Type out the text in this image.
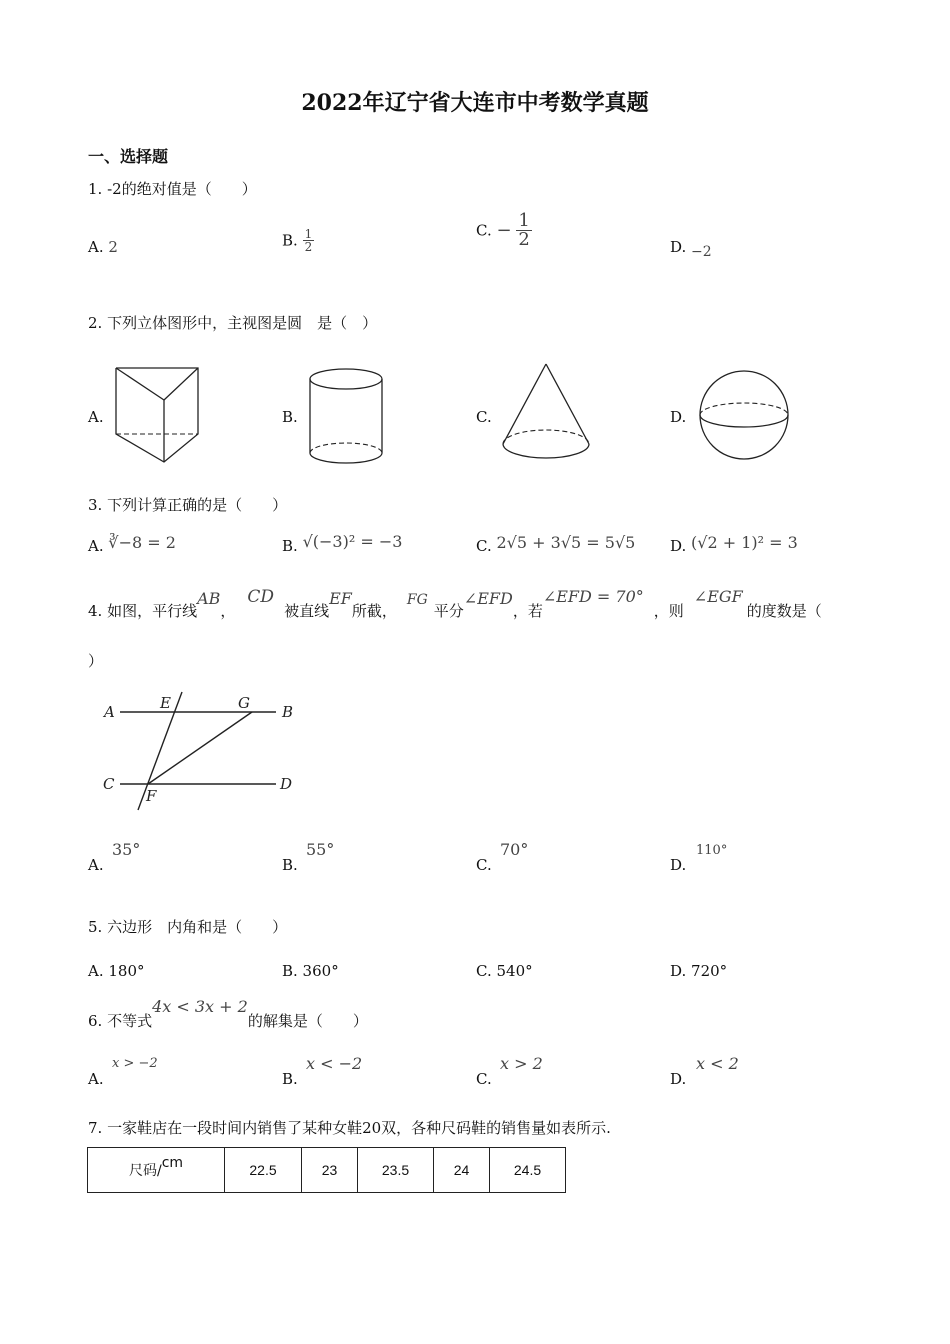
2022年辽宁省大连市中考数学真题
一、选择题
1. -2的绝对值是（　　）
A. 2	B. $\frac{1}{2}$	C. − $\frac{1}{2}$	D. −2
2. 下列立体图形中，主视图是圆　是（　）
A.	B.	C.	D.
3. 下列计算正确的是（　　）
A. ∛−8 = 2	B. √(−3)² = −3	C. 2√5 + 3√5 = 5√5 D. (√2 + 1)² = 3
4. 如图，平行线AB，CD被直线EF所截，FG平分∠EFD，若∠EFD = 70°，则∠EGF的度数是（
）
A	E	G B
C
F
D
A.
35°
B.
55°
C.
70°
D.
110°
5. 六边形　内角和是（　　）
A. 180°	B. 360°	C. 540°	D. 720°
6. 不等式4x < 3x + 2的解集是（　　）
A.
x > −2
B.
x < −2
C.
x > 2
D.
x < 2
7. 一家鞋店在一段时间内销售了某种女鞋20双，各种尺码鞋的销售量如表所示.
尺码/cm	22.5	23	23.5	24	24.5
